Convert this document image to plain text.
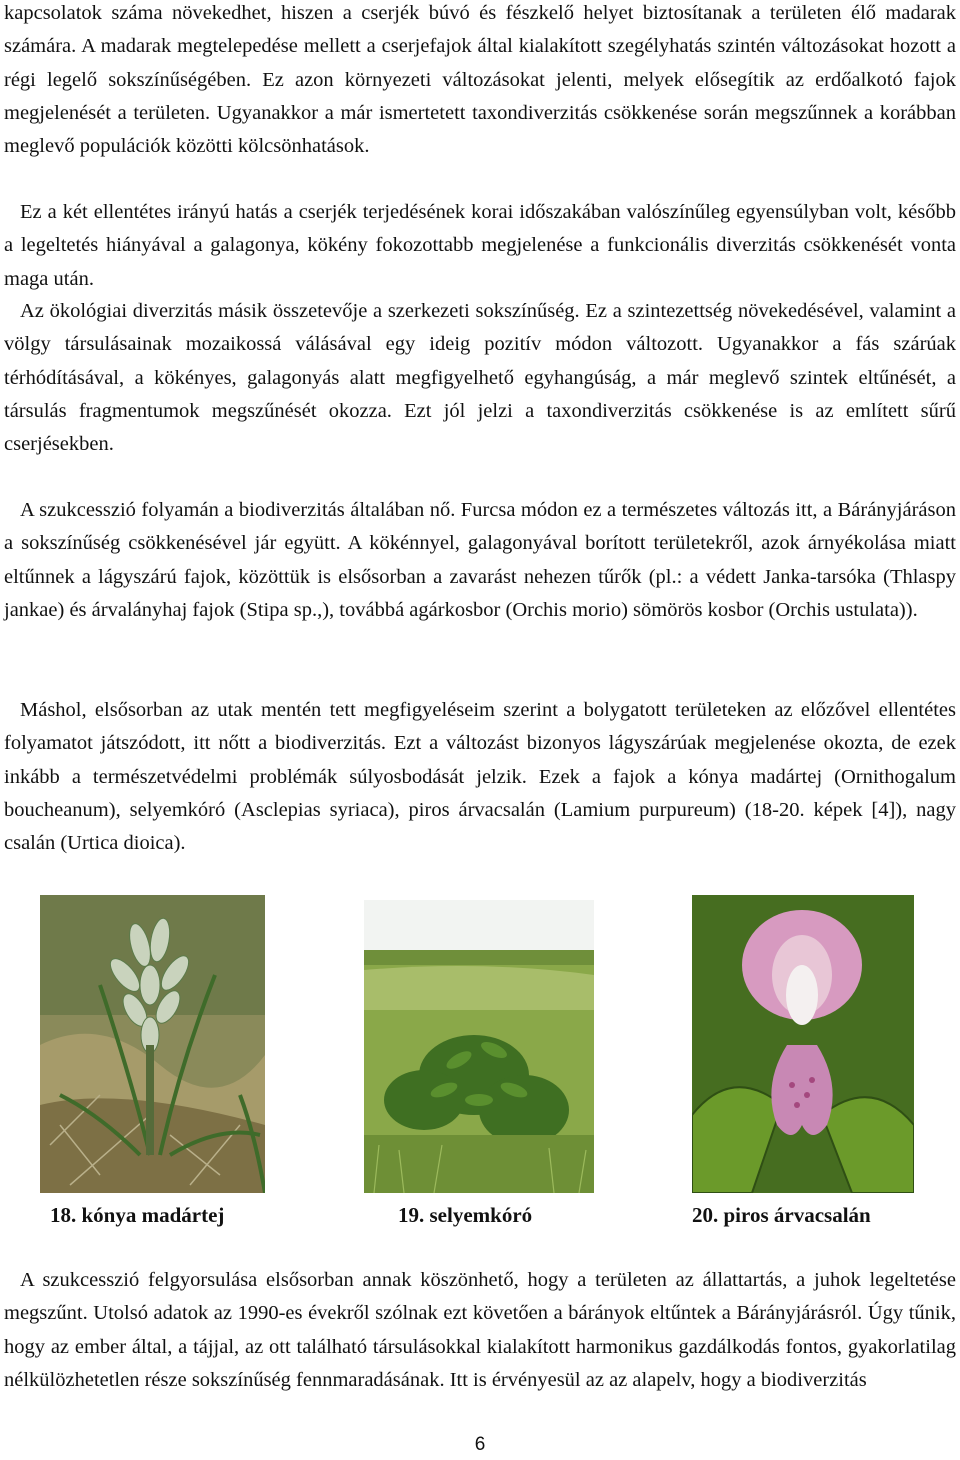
kapcsolatok száma növekedhet, hiszen a cserjék búvó és fészkelő helyet biztosítanak a területen élő madarak számára. A madarak megtelepedése mellett a cserjefajok által kialakított szegélyhatás szintén változásokat hozott a régi legelő sokszínűségében. Ez azon környezeti változásokat jelenti, melyek elősegítik az erdőalkotó fajok megjelenését a területen. Ugyanakkor a már ismertetett taxondiverzitás csökkenése során megszűnnek a korábban meglevő populációk közötti kölcsönhatások.

Ez a két ellentétes irányú hatás a cserjék terjedésének korai időszakában valószínűleg egyensúlyban volt, később a legeltetés hiányával a galagonya, kökény fokozottabb megjelenése a funkcionális diverzitás csökkenését vonta maga után.

Az ökológiai diverzitás másik összetevője a szerkezeti sokszínűség. Ez a szintezettség növekedésével, valamint a völgy társulásainak mozaikossá válásával egy ideig pozitív módon változott. Ugyanakkor a fás szárúak térhódításával, a kökényes, galagonyás alatt megfigyelhető egyhangúság, a már meglevő szintek eltűnését, a társulás fragmentumok megszűnését okozza. Ezt jól jelzi a taxondiverzitás csökkenése is az említett sűrű cserjésekben.

A szukcesszió folyamán a biodiverzitás általában nő. Furcsa módon ez a természetes változás itt, a Bárányjáráson a sokszínűség csökkenésével jár együtt. A kökénnyel, galagonyával borított területekről, azok árnyékolása miatt eltűnnek a lágyszárú fajok, közöttük is elsősorban a zavarást nehezen tűrők (pl.: a védett Janka-tarsóka (Thlaspy jankae) és árvalányhaj fajok (Stipa sp.,), továbbá agárkosbor (Orchis morio) sömörös kosbor (Orchis ustulata)).

Máshol, elsősorban az utak mentén tett megfigyeléseim szerint a bolygatott területeken az előzővel ellentétes folyamatot játszódott, itt nőtt a biodiverzitás. Ezt a változást bizonyos lágyszárúak megjelenése okozta, de ezek inkább a természetvédelmi problémák súlyosbodását jelzik. Ezek a fajok a kónya madártej (Ornithogalum boucheanum), selyemkóró (Asclepias syriaca), piros árvacsalán (Lamium purpureum) (18-20. képek [4]), nagy csalán (Urtica dioica).

A szukcesszió felgyorsulása elsősorban annak köszönhető, hogy a területen az állattartás, a juhok legeltetése megszűnt. Utolsó adatok az 1990-es évekről szólnak ezt követően a bárányok eltűntek a Bárányjárásról. Úgy tűnik, hogy az ember által, a tájjal, az ott található társulásokkal kialakított harmonikus gazdálkodás fontos, gyakorlatilag nélkülözhetetlen része sokszínűség fennmaradásának. Itt is érvényesül az az alapelv, hogy a biodiverzitás

18. kónya madártej	19. selyemkóró	20. piros árvacsalán
6
